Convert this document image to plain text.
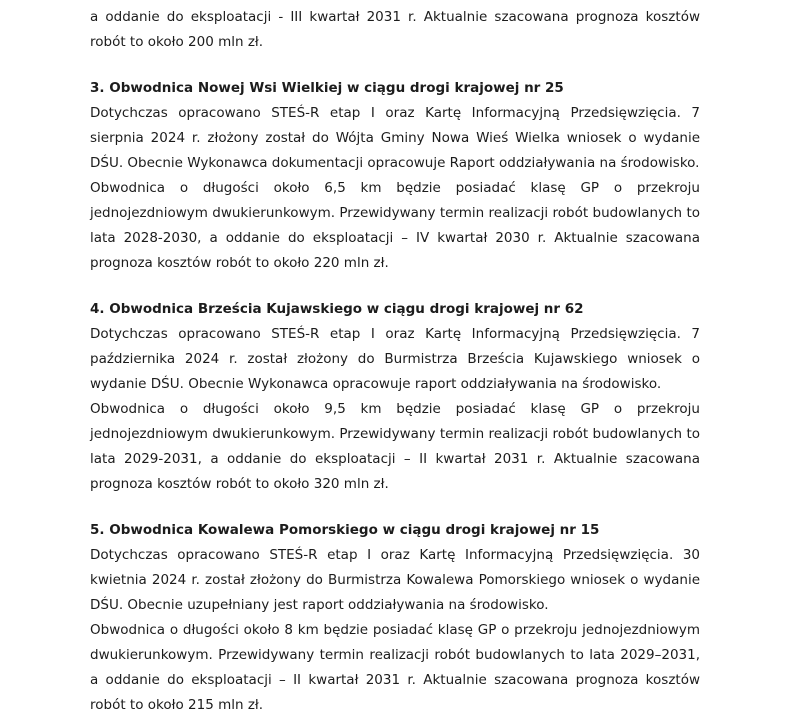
a oddanie do eksploatacji - III kwartał 2031 r. Aktualnie szacowana prognoza kosztów robót to około 200 mln zł.

3. Obwodnica Nowej Wsi Wielkiej w ciągu drogi krajowej nr 25

Dotychczas opracowano STEŚ-R etap I oraz Kartę Informacyjną Przedsięwzięcia. 7 sierpnia 2024 r. złożony został do Wójta Gminy Nowa Wieś Wielka wniosek o wydanie DŚU. Obecnie Wykonawca dokumentacji opracowuje Raport oddziaływania na środowisko.

Obwodnica o długości około 6,5 km będzie posiadać klasę GP o przekroju jednojezdniowym dwukierunkowym. Przewidywany termin realizacji robót budowlanych to lata 2028-2030, a oddanie do eksploatacji – IV kwartał 2030 r. Aktualnie szacowana prognoza kosztów robót to około 220 mln zł.

4. Obwodnica Brześcia Kujawskiego w ciągu drogi krajowej nr 62

Dotychczas opracowano STEŚ-R etap I oraz Kartę Informacyjną Przedsięwzięcia. 7 października 2024 r. został złożony do Burmistrza Brześcia Kujawskiego wniosek o wydanie DŚU. Obecnie Wykonawca opracowuje raport oddziaływania na środowisko.

Obwodnica o długości około 9,5 km będzie posiadać klasę GP o przekroju jednojezdniowym dwukierunkowym. Przewidywany termin realizacji robót budowlanych to lata 2029-2031, a oddanie do eksploatacji – II kwartał 2031 r. Aktualnie szacowana prognoza kosztów robót to około 320 mln zł.

5. Obwodnica Kowalewa Pomorskiego w ciągu drogi krajowej nr 15

Dotychczas opracowano STEŚ-R etap I oraz Kartę Informacyjną Przedsięwzięcia. 30 kwietnia 2024 r. został złożony do Burmistrza Kowalewa Pomorskiego wniosek o wydanie DŚU. Obecnie uzupełniany jest raport oddziaływania na środowisko.

Obwodnica o długości około 8 km będzie posiadać klasę GP o przekroju jednojezdniowym dwukierunkowym. Przewidywany termin realizacji robót budowlanych to lata 2029–2031, a oddanie do eksploatacji – II kwartał 2031 r. Aktualnie szacowana prognoza kosztów robót to około 215 mln zł.
